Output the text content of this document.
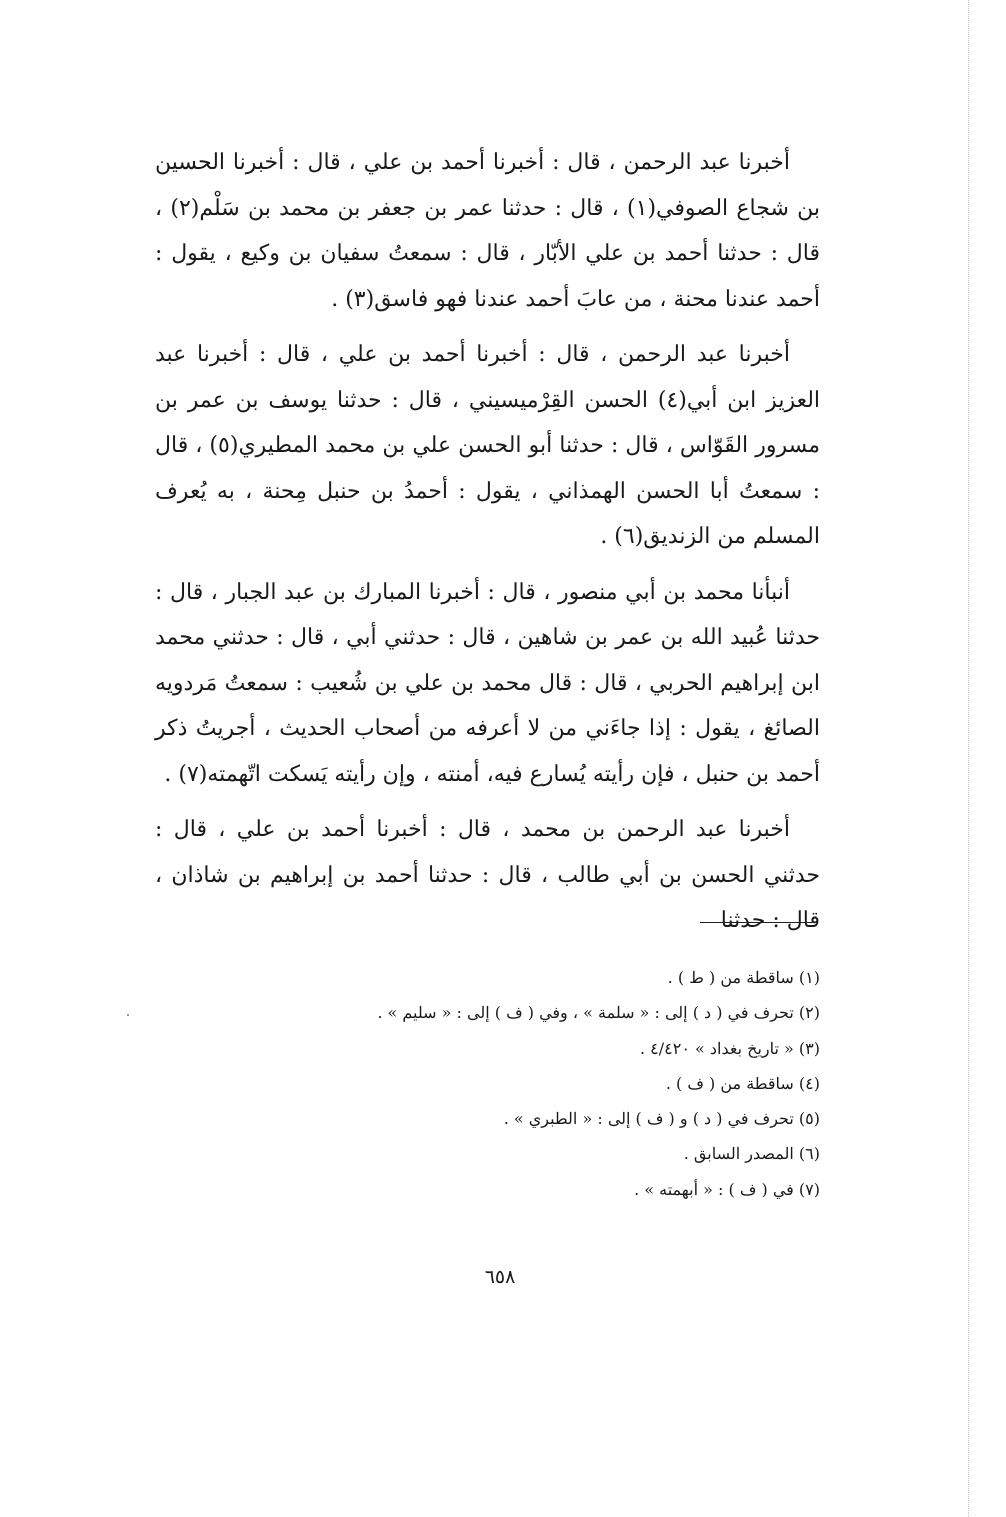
أخبرنا عبد الرحمن ، قال : أخبرنا أحمد بن علي ، قال : أخبرنا الحسين بن شجاع الصوفي(١) ، قال : حدثنا عمر بن جعفر بن محمد بن سَلْم(٢) ، قال : حدثنا أحمد بن علي الأبّار ، قال : سمعتُ سفيان بن وكيع ، يقول : أحمد عندنا محنة ، من عابَ أحمد عندنا فهو فاسق(٣) .

أخبرنا عبد الرحمن ، قال : أخبرنا أحمد بن علي ، قال : أخبرنا عبد العزيز ابن أبي(٤) الحسن القِرْميسيني ، قال : حدثنا يوسف بن عمر بن مسرور القَوّاس ، قال : حدثنا أبو الحسن علي بن محمد المطيري(٥) ، قال : سمعتُ أبا الحسن الهمذاني ، يقول : أحمدُ بن حنبل مِحنة ، به يُعرف المسلم من الزنديق(٦) .

أنبأنا محمد بن أبي منصور ، قال : أخبرنا المبارك بن عبد الجبار ، قال : حدثنا عُبيد الله بن عمر بن شاهين ، قال : حدثني أبي ، قال : حدثني محمد ابن إبراهيم الحربي ، قال : قال محمد بن علي بن شُعيب : سمعتُ مَردويه الصائغ ، يقول : إذا جاءَني من لا أعرفه من أصحاب الحديث ، أجريتُ ذكر أحمد بن حنبل ، فإن رأيته يُسارع فيه، أمنته ، وإن رأيته يَسكت اتّهمته(٧) .

أخبرنا عبد الرحمن بن محمد ، قال : أخبرنا أحمد بن علي ، قال : حدثني الحسن بن أبي طالب ، قال : حدثنا أحمد بن إبراهيم بن شاذان ، قال : حدثنا

(١) ساقطة من ( ط ) .

(٢) تحرف في ( د ) إلى : « سلمة » ، وفي ( ف ) إلى : « سليم » .

(٣) « تاريخ بغداد » ٤/٤٢٠ .

(٤) ساقطة من ( ف ) .

(٥) تحرف في ( د ) و ( ف ) إلى : « الطبري » .

(٦) المصدر السابق .

(٧) في ( ف ) : « أبهمته » .

٦٥٨
